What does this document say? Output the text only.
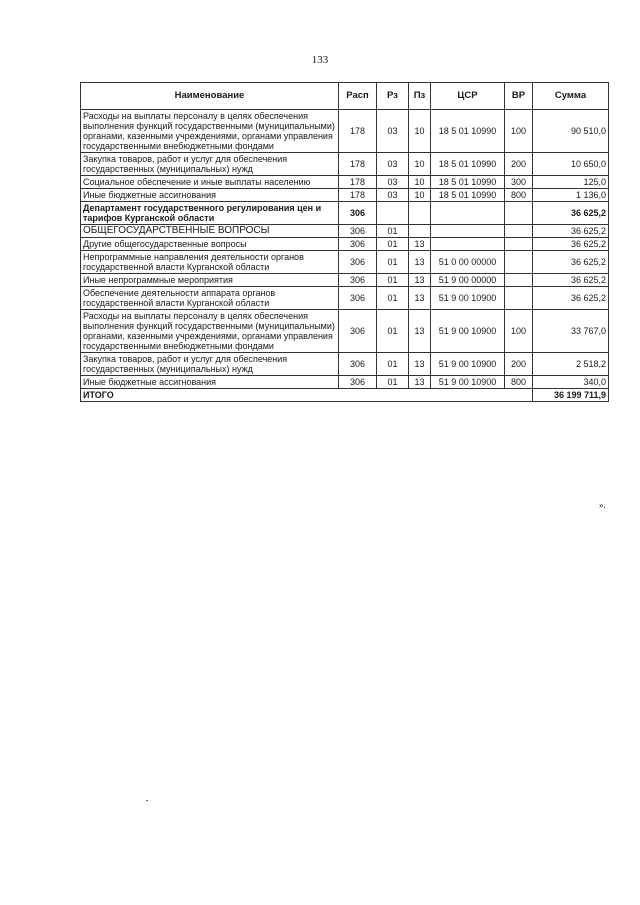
133
Наименование	Расп	Рз	Пз	ЦСР	ВР	Сумма
Расходы на выплаты персоналу в целях обеспечения выполнения функций государственными (муниципальными) органами, казенными учреждениями, органами управления государственными внебюджетными фондами	178	03	10	18 5 01 10990	100	90 510,0
Закупка товаров, работ и услуг для обеспечения государственных (муниципальных) нужд	178	03	10	18 5 01 10990	200	10 650,0
Социальное обеспечение и иные выплаты населению	178	03	10	18 5 01 10990	300	125,0
Иные бюджетные ассигнования	178	03	10	18 5 01 10990	800	1 136,0
Департамент государственного регулирования цен и тарифов Курганской области	306					36 625,2
ОБЩЕГОСУДАРСТВЕННЫЕ ВОПРОСЫ	306	01				36 625,2
Другие общегосударственные вопросы	306	01	13			36 625,2
Непрограммные направления деятельности органов государственной власти Курганской области	306	01	13	51 0 00 00000		36 625,2
Иные непрограммные мероприятия	306	01	13	51 9 00 00000		36 625,2
Обеспечение деятельности аппарата органов государственной власти Курганской области	306	01	13	51 9 00 10900		36 625,2
Расходы на выплаты персоналу в целях обеспечения выполнения функций государственными (муниципальными) органами, казенными учреждениями, органами управления государственными внебюджетными фондами	306	01	13	51 9 00 10900	100	33 767,0
Закупка товаров, работ и услуг для обеспечения государственных (муниципальных) нужд	306	01	13	51 9 00 10900	200	2 518,2
Иные бюджетные ассигнования	306	01	13	51 9 00 10900	800	340,0
ИТОГО						36 199 711,9
».
